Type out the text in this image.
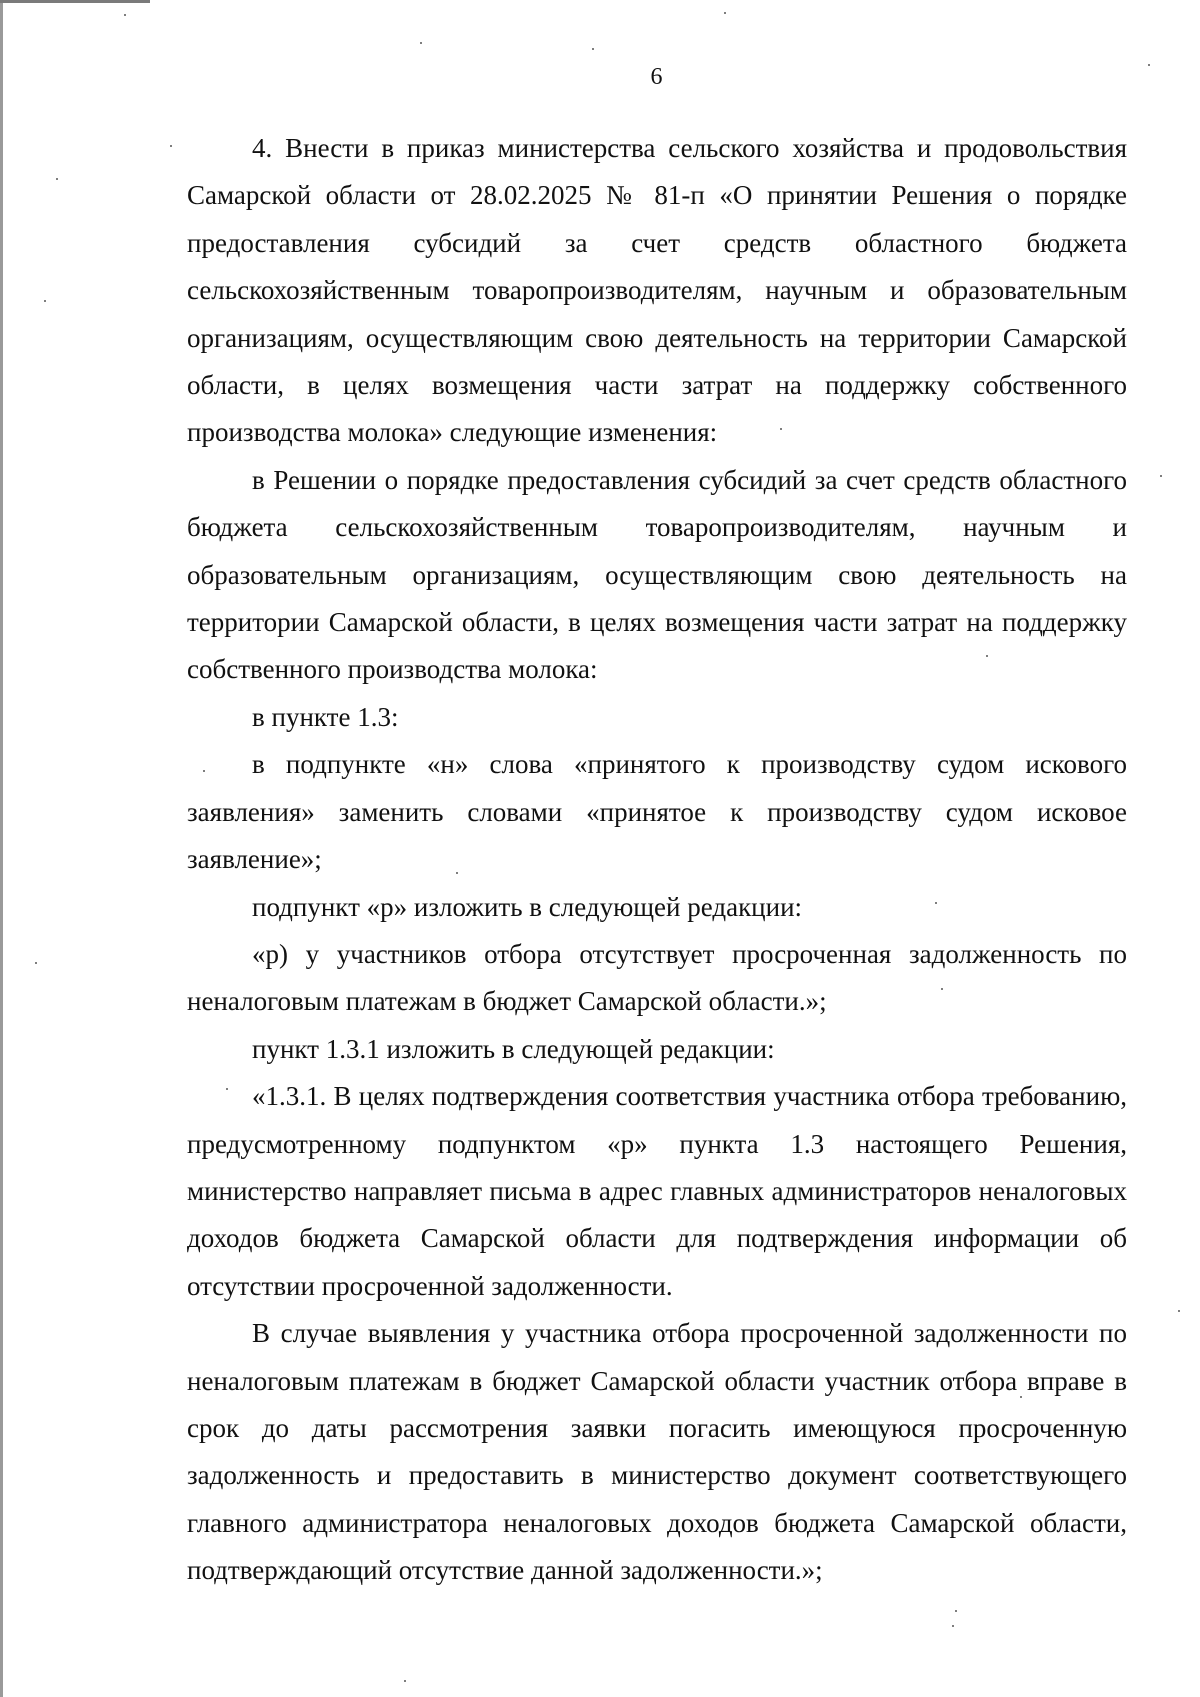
6

4. Внести в приказ министерства сельского хозяйства и продовольствия Самарской области от 28.02.2025 № 81-п «О принятии Решения о порядке предоставления субсидий за счет средств областного бюджета сельскохозяйственным товаропроизводителям, научным и образовательным организациям, осуществляющим свою деятельность на территории Самарской области, в целях возмещения части затрат на поддержку собственного производства молока» следующие изменения:

в Решении о порядке предоставления субсидий за счет средств областного бюджета сельскохозяйственным товаропроизводителям, научным и образовательным организациям, осуществляющим свою деятельность на территории Самарской области, в целях возмещения части затрат на поддержку собственного производства молока:

в пункте 1.3:

в подпункте «н» слова «принятого к производству судом искового заявления» заменить словами «принятое к производству судом исковое заявление»;

подпункт «р» изложить в следующей редакции:

«р) у участников отбора отсутствует просроченная задолженность по неналоговым платежам в бюджет Самарской области.»;

пункт 1.3.1 изложить в следующей редакции:

«1.3.1. В целях подтверждения соответствия участника отбора требованию, предусмотренному подпунктом «р» пункта 1.3 настоящего Решения, министерство направляет письма в адрес главных администраторов неналоговых доходов бюджета Самарской области для подтверждения информации об отсутствии просроченной задолженности.

В случае выявления у участника отбора просроченной задолженности по неналоговым платежам в бюджет Самарской области участник отбора вправе в срок до даты рассмотрения заявки погасить имеющуюся просроченную задолженность и предоставить в министерство документ соответствующего главного администратора неналоговых доходов бюджета Самарской области, подтверждающий отсутствие данной задолженности.»;
